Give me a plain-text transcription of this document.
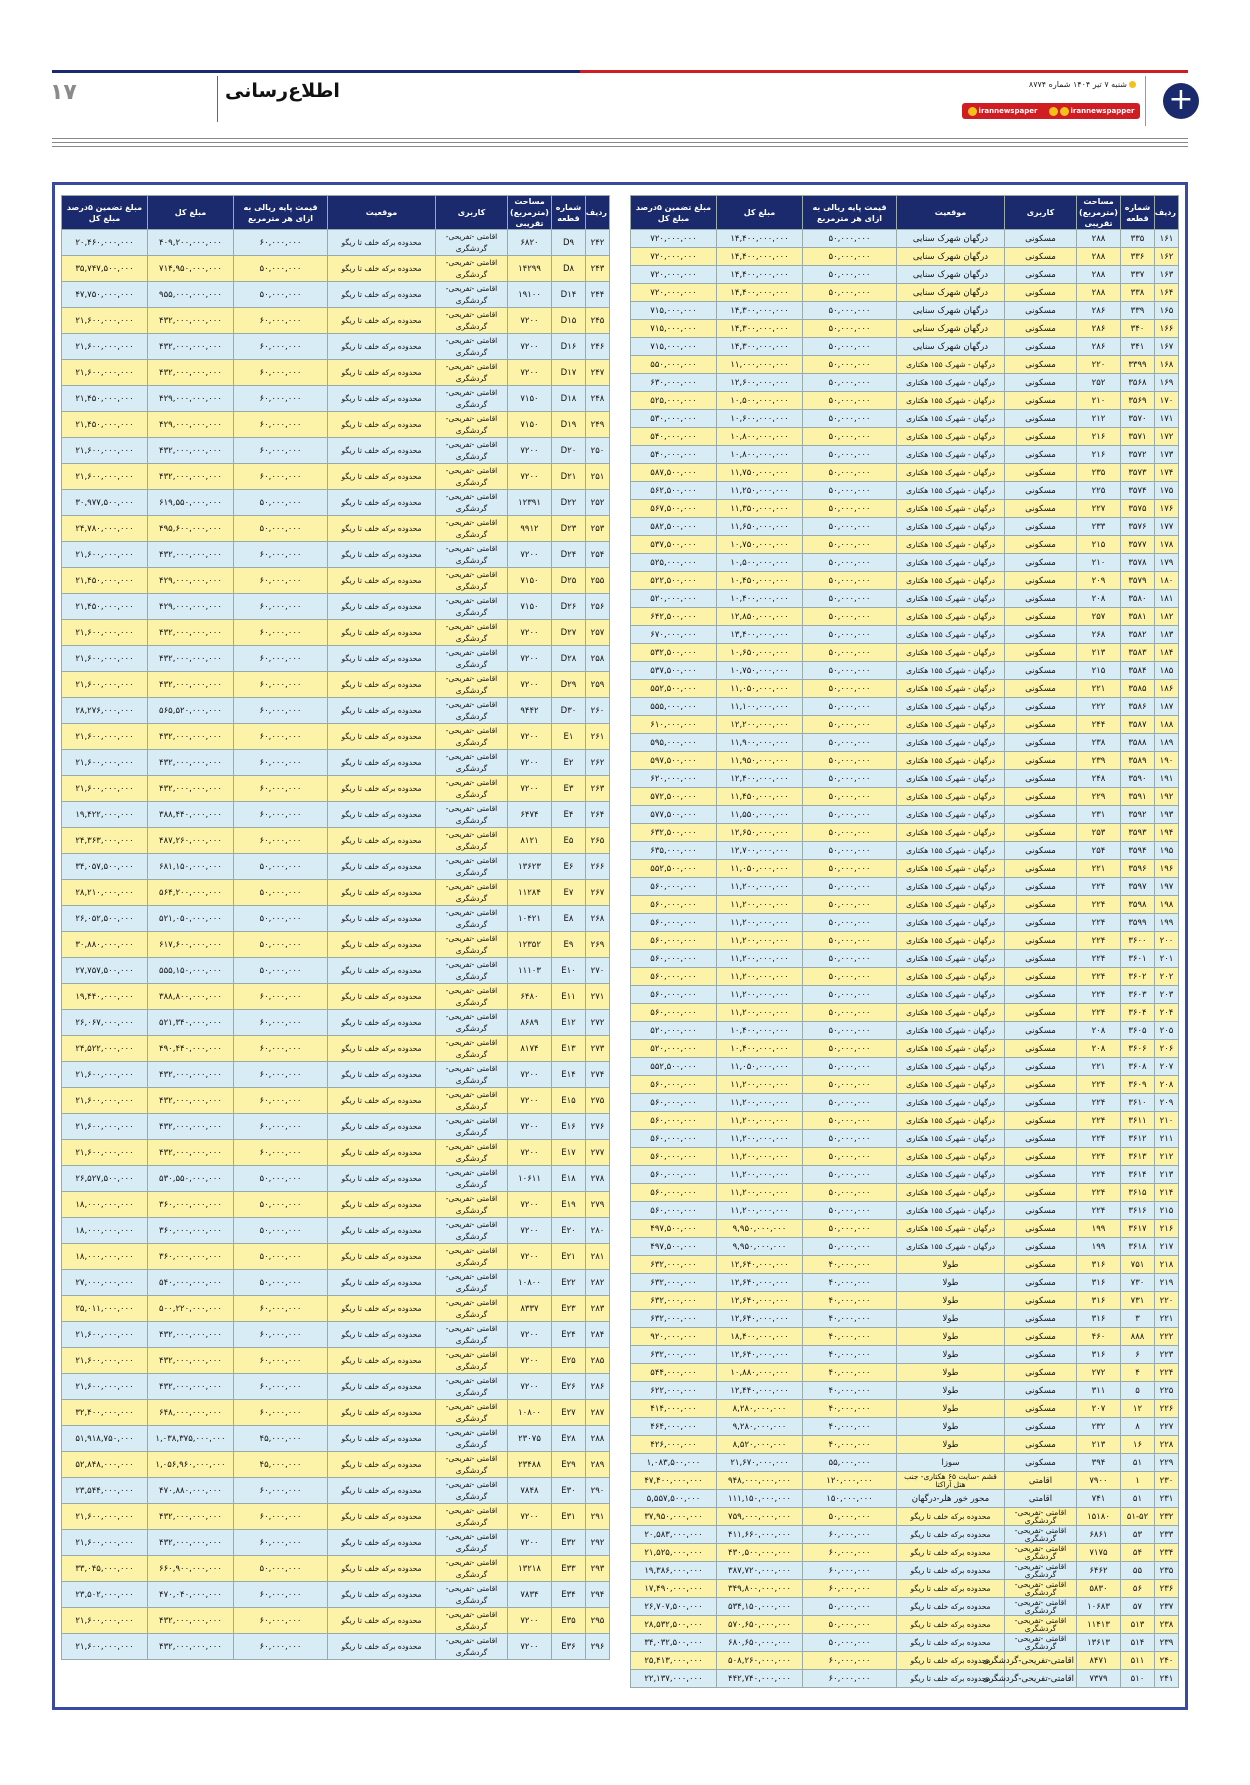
۱۷	اطلاع‌رسانی	شنبه ۷ تیر ۱۴۰۴ شماره ۸۷۷۴
irannewspaper	irannewspapper +
ردیف	شماره قطعه	مساحت (مترمربع) تقریبی	کاربری	موقعیت	قیمت پایه ریالی به ازای هر مترمربع	مبلغ کل	مبلغ تضمین ۵درصد مبلغ کل
۱۶۱	۳۳۵	۲۸۸	مسکونی	درگهان شهرک سنایی	۵۰,۰۰۰,۰۰۰	۱۴,۴۰۰,۰۰۰,۰۰۰	۷۲۰,۰۰۰,۰۰۰
۱۶۲	۳۳۶	۲۸۸	مسکونی	درگهان شهرک سنایی	۵۰,۰۰۰,۰۰۰	۱۴,۴۰۰,۰۰۰,۰۰۰	۷۲۰,۰۰۰,۰۰۰
۱۶۳	۳۳۷	۲۸۸	مسکونی	درگهان شهرک سنایی	۵۰,۰۰۰,۰۰۰	۱۴,۴۰۰,۰۰۰,۰۰۰	۷۲۰,۰۰۰,۰۰۰
۱۶۴	۳۳۸	۲۸۸	مسکونی	درگهان شهرک سنایی	۵۰,۰۰۰,۰۰۰	۱۴,۴۰۰,۰۰۰,۰۰۰	۷۲۰,۰۰۰,۰۰۰
۱۶۵	۳۳۹	۲۸۶	مسکونی	درگهان شهرک سنایی	۵۰,۰۰۰,۰۰۰	۱۴,۳۰۰,۰۰۰,۰۰۰	۷۱۵,۰۰۰,۰۰۰
۱۶۶	۳۴۰	۲۸۶	مسکونی	درگهان شهرک سنایی	۵۰,۰۰۰,۰۰۰	۱۴,۳۰۰,۰۰۰,۰۰۰	۷۱۵,۰۰۰,۰۰۰
۱۶۷	۳۴۱	۲۸۶	مسکونی	درگهان شهرک سنایی	۵۰,۰۰۰,۰۰۰	۱۴,۳۰۰,۰۰۰,۰۰۰	۷۱۵,۰۰۰,۰۰۰
۱۶۸	۳۳۹۹	۲۲۰	مسکونی	درگهان - شهرک ۱۵۵ هکتاری	۵۰,۰۰۰,۰۰۰	۱۱,۰۰۰,۰۰۰,۰۰۰	۵۵۰,۰۰۰,۰۰۰
۱۶۹	۳۵۶۸	۲۵۲	مسکونی	درگهان - شهرک ۱۵۵ هکتاری	۵۰,۰۰۰,۰۰۰	۱۲,۶۰۰,۰۰۰,۰۰۰	۶۳۰,۰۰۰,۰۰۰
۱۷۰	۳۵۶۹	۲۱۰	مسکونی	درگهان - شهرک ۱۵۵ هکتاری	۵۰,۰۰۰,۰۰۰	۱۰,۵۰۰,۰۰۰,۰۰۰	۵۲۵,۰۰۰,۰۰۰
۱۷۱	۳۵۷۰	۲۱۲	مسکونی	درگهان - شهرک ۱۵۵ هکتاری	۵۰,۰۰۰,۰۰۰	۱۰,۶۰۰,۰۰۰,۰۰۰	۵۳۰,۰۰۰,۰۰۰
۱۷۲	۳۵۷۱	۲۱۶	مسکونی	درگهان - شهرک ۱۵۵ هکتاری	۵۰,۰۰۰,۰۰۰	۱۰,۸۰۰,۰۰۰,۰۰۰	۵۴۰,۰۰۰,۰۰۰
۱۷۳	۳۵۷۲	۲۱۶	مسکونی	درگهان - شهرک ۱۵۵ هکتاری	۵۰,۰۰۰,۰۰۰	۱۰,۸۰۰,۰۰۰,۰۰۰	۵۴۰,۰۰۰,۰۰۰
۱۷۴	۳۵۷۳	۲۳۵	مسکونی	درگهان - شهرک ۱۵۵ هکتاری	۵۰,۰۰۰,۰۰۰	۱۱,۷۵۰,۰۰۰,۰۰۰	۵۸۷,۵۰۰,۰۰۰
۱۷۵	۳۵۷۴	۲۲۵	مسکونی	درگهان - شهرک ۱۵۵ هکتاری	۵۰,۰۰۰,۰۰۰	۱۱,۲۵۰,۰۰۰,۰۰۰	۵۶۲,۵۰۰,۰۰۰
۱۷۶	۳۵۷۵	۲۲۷	مسکونی	درگهان - شهرک ۱۵۵ هکتاری	۵۰,۰۰۰,۰۰۰	۱۱,۳۵۰,۰۰۰,۰۰۰	۵۶۷,۵۰۰,۰۰۰
۱۷۷	۳۵۷۶	۲۳۳	مسکونی	درگهان - شهرک ۱۵۵ هکتاری	۵۰,۰۰۰,۰۰۰	۱۱,۶۵۰,۰۰۰,۰۰۰	۵۸۲,۵۰۰,۰۰۰
۱۷۸	۳۵۷۷	۲۱۵	مسکونی	درگهان - شهرک ۱۵۵ هکتاری	۵۰,۰۰۰,۰۰۰	۱۰,۷۵۰,۰۰۰,۰۰۰	۵۳۷,۵۰۰,۰۰۰
۱۷۹	۳۵۷۸	۲۱۰	مسکونی	درگهان - شهرک ۱۵۵ هکتاری	۵۰,۰۰۰,۰۰۰	۱۰,۵۰۰,۰۰۰,۰۰۰	۵۲۵,۰۰۰,۰۰۰
۱۸۰	۳۵۷۹	۲۰۹	مسکونی	درگهان - شهرک ۱۵۵ هکتاری	۵۰,۰۰۰,۰۰۰	۱۰,۴۵۰,۰۰۰,۰۰۰	۵۲۲,۵۰۰,۰۰۰
۱۸۱	۳۵۸۰	۲۰۸	مسکونی	درگهان - شهرک ۱۵۵ هکتاری	۵۰,۰۰۰,۰۰۰	۱۰,۴۰۰,۰۰۰,۰۰۰	۵۲۰,۰۰۰,۰۰۰
۱۸۲	۳۵۸۱	۲۵۷	مسکونی	درگهان - شهرک ۱۵۵ هکتاری	۵۰,۰۰۰,۰۰۰	۱۲,۸۵۰,۰۰۰,۰۰۰	۶۴۲,۵۰۰,۰۰۰
۱۸۳	۳۵۸۲	۲۶۸	مسکونی	درگهان - شهرک ۱۵۵ هکتاری	۵۰,۰۰۰,۰۰۰	۱۳,۴۰۰,۰۰۰,۰۰۰	۶۷۰,۰۰۰,۰۰۰
۱۸۴	۳۵۸۳	۲۱۳	مسکونی	درگهان - شهرک ۱۵۵ هکتاری	۵۰,۰۰۰,۰۰۰	۱۰,۶۵۰,۰۰۰,۰۰۰	۵۳۲,۵۰۰,۰۰۰
۱۸۵	۳۵۸۴	۲۱۵	مسکونی	درگهان - شهرک ۱۵۵ هکتاری	۵۰,۰۰۰,۰۰۰	۱۰,۷۵۰,۰۰۰,۰۰۰	۵۳۷,۵۰۰,۰۰۰
۱۸۶	۳۵۸۵	۲۲۱	مسکونی	درگهان - شهرک ۱۵۵ هکتاری	۵۰,۰۰۰,۰۰۰	۱۱,۰۵۰,۰۰۰,۰۰۰	۵۵۲,۵۰۰,۰۰۰
۱۸۷	۳۵۸۶	۲۲۲	مسکونی	درگهان - شهرک ۱۵۵ هکتاری	۵۰,۰۰۰,۰۰۰	۱۱,۱۰۰,۰۰۰,۰۰۰	۵۵۵,۰۰۰,۰۰۰
۱۸۸	۳۵۸۷	۲۴۴	مسکونی	درگهان - شهرک ۱۵۵ هکتاری	۵۰,۰۰۰,۰۰۰	۱۲,۲۰۰,۰۰۰,۰۰۰	۶۱۰,۰۰۰,۰۰۰
۱۸۹	۳۵۸۸	۲۳۸	مسکونی	درگهان - شهرک ۱۵۵ هکتاری	۵۰,۰۰۰,۰۰۰	۱۱,۹۰۰,۰۰۰,۰۰۰	۵۹۵,۰۰۰,۰۰۰
۱۹۰	۳۵۸۹	۲۳۹	مسکونی	درگهان - شهرک ۱۵۵ هکتاری	۵۰,۰۰۰,۰۰۰	۱۱,۹۵۰,۰۰۰,۰۰۰	۵۹۷,۵۰۰,۰۰۰
۱۹۱	۳۵۹۰	۲۴۸	مسکونی	درگهان - شهرک ۱۵۵ هکتاری	۵۰,۰۰۰,۰۰۰	۱۲,۴۰۰,۰۰۰,۰۰۰	۶۲۰,۰۰۰,۰۰۰
۱۹۲	۳۵۹۱	۲۲۹	مسکونی	درگهان - شهرک ۱۵۵ هکتاری	۵۰,۰۰۰,۰۰۰	۱۱,۴۵۰,۰۰۰,۰۰۰	۵۷۲,۵۰۰,۰۰۰
۱۹۳	۳۵۹۲	۲۳۱	مسکونی	درگهان - شهرک ۱۵۵ هکتاری	۵۰,۰۰۰,۰۰۰	۱۱,۵۵۰,۰۰۰,۰۰۰	۵۷۷,۵۰۰,۰۰۰
۱۹۴	۳۵۹۳	۲۵۳	مسکونی	درگهان - شهرک ۱۵۵ هکتاری	۵۰,۰۰۰,۰۰۰	۱۲,۶۵۰,۰۰۰,۰۰۰	۶۳۲,۵۰۰,۰۰۰
۱۹۵	۳۵۹۴	۲۵۴	مسکونی	درگهان - شهرک ۱۵۵ هکتاری	۵۰,۰۰۰,۰۰۰	۱۲,۷۰۰,۰۰۰,۰۰۰	۶۳۵,۰۰۰,۰۰۰
۱۹۶	۳۵۹۶	۲۲۱	مسکونی	درگهان - شهرک ۱۵۵ هکتاری	۵۰,۰۰۰,۰۰۰	۱۱,۰۵۰,۰۰۰,۰۰۰	۵۵۲,۵۰۰,۰۰۰
۱۹۷	۳۵۹۷	۲۲۴	مسکونی	درگهان - شهرک ۱۵۵ هکتاری	۵۰,۰۰۰,۰۰۰	۱۱,۲۰۰,۰۰۰,۰۰۰	۵۶۰,۰۰۰,۰۰۰
۱۹۸	۳۵۹۸	۲۲۴	مسکونی	درگهان - شهرک ۱۵۵ هکتاری	۵۰,۰۰۰,۰۰۰	۱۱,۲۰۰,۰۰۰,۰۰۰	۵۶۰,۰۰۰,۰۰۰
۱۹۹	۳۵۹۹	۲۲۴	مسکونی	درگهان - شهرک ۱۵۵ هکتاری	۵۰,۰۰۰,۰۰۰	۱۱,۲۰۰,۰۰۰,۰۰۰	۵۶۰,۰۰۰,۰۰۰
۲۰۰	۳۶۰۰	۲۲۴	مسکونی	درگهان - شهرک ۱۵۵ هکتاری	۵۰,۰۰۰,۰۰۰	۱۱,۲۰۰,۰۰۰,۰۰۰	۵۶۰,۰۰۰,۰۰۰
۲۰۱	۳۶۰۱	۲۲۴	مسکونی	درگهان - شهرک ۱۵۵ هکتاری	۵۰,۰۰۰,۰۰۰	۱۱,۲۰۰,۰۰۰,۰۰۰	۵۶۰,۰۰۰,۰۰۰
۲۰۲	۳۶۰۲	۲۲۴	مسکونی	درگهان - شهرک ۱۵۵ هکتاری	۵۰,۰۰۰,۰۰۰	۱۱,۲۰۰,۰۰۰,۰۰۰	۵۶۰,۰۰۰,۰۰۰
۲۰۳	۳۶۰۳	۲۲۴	مسکونی	درگهان - شهرک ۱۵۵ هکتاری	۵۰,۰۰۰,۰۰۰	۱۱,۲۰۰,۰۰۰,۰۰۰	۵۶۰,۰۰۰,۰۰۰
۲۰۴	۳۶۰۴	۲۲۴	مسکونی	درگهان - شهرک ۱۵۵ هکتاری	۵۰,۰۰۰,۰۰۰	۱۱,۲۰۰,۰۰۰,۰۰۰	۵۶۰,۰۰۰,۰۰۰
۲۰۵	۳۶۰۵	۲۰۸	مسکونی	درگهان - شهرک ۱۵۵ هکتاری	۵۰,۰۰۰,۰۰۰	۱۰,۴۰۰,۰۰۰,۰۰۰	۵۲۰,۰۰۰,۰۰۰
۲۰۶	۳۶۰۶	۲۰۸	مسکونی	درگهان - شهرک ۱۵۵ هکتاری	۵۰,۰۰۰,۰۰۰	۱۰,۴۰۰,۰۰۰,۰۰۰	۵۲۰,۰۰۰,۰۰۰
۲۰۷	۳۶۰۸	۲۲۱	مسکونی	درگهان - شهرک ۱۵۵ هکتاری	۵۰,۰۰۰,۰۰۰	۱۱,۰۵۰,۰۰۰,۰۰۰	۵۵۲,۵۰۰,۰۰۰
۲۰۸	۳۶۰۹	۲۲۴	مسکونی	درگهان - شهرک ۱۵۵ هکتاری	۵۰,۰۰۰,۰۰۰	۱۱,۲۰۰,۰۰۰,۰۰۰	۵۶۰,۰۰۰,۰۰۰
۲۰۹	۳۶۱۰	۲۲۴	مسکونی	درگهان - شهرک ۱۵۵ هکتاری	۵۰,۰۰۰,۰۰۰	۱۱,۲۰۰,۰۰۰,۰۰۰	۵۶۰,۰۰۰,۰۰۰
۲۱۰	۳۶۱۱	۲۲۴	مسکونی	درگهان - شهرک ۱۵۵ هکتاری	۵۰,۰۰۰,۰۰۰	۱۱,۲۰۰,۰۰۰,۰۰۰	۵۶۰,۰۰۰,۰۰۰
۲۱۱	۳۶۱۲	۲۲۴	مسکونی	درگهان - شهرک ۱۵۵ هکتاری	۵۰,۰۰۰,۰۰۰	۱۱,۲۰۰,۰۰۰,۰۰۰	۵۶۰,۰۰۰,۰۰۰
۲۱۲	۳۶۱۳	۲۲۴	مسکونی	درگهان - شهرک ۱۵۵ هکتاری	۵۰,۰۰۰,۰۰۰	۱۱,۲۰۰,۰۰۰,۰۰۰	۵۶۰,۰۰۰,۰۰۰
۲۱۳	۳۶۱۴	۲۲۴	مسکونی	درگهان - شهرک ۱۵۵ هکتاری	۵۰,۰۰۰,۰۰۰	۱۱,۲۰۰,۰۰۰,۰۰۰	۵۶۰,۰۰۰,۰۰۰
۲۱۴	۳۶۱۵	۲۲۴	مسکونی	درگهان - شهرک ۱۵۵ هکتاری	۵۰,۰۰۰,۰۰۰	۱۱,۲۰۰,۰۰۰,۰۰۰	۵۶۰,۰۰۰,۰۰۰
۲۱۵	۳۶۱۶	۲۲۴	مسکونی	درگهان - شهرک ۱۵۵ هکتاری	۵۰,۰۰۰,۰۰۰	۱۱,۲۰۰,۰۰۰,۰۰۰	۵۶۰,۰۰۰,۰۰۰
۲۱۶	۳۶۱۷	۱۹۹	مسکونی	درگهان - شهرک ۱۵۵ هکتاری	۵۰,۰۰۰,۰۰۰	۹,۹۵۰,۰۰۰,۰۰۰	۴۹۷,۵۰۰,۰۰۰
۲۱۷	۳۶۱۸	۱۹۹	مسکونی	درگهان - شهرک ۱۵۵ هکتاری	۵۰,۰۰۰,۰۰۰	۹,۹۵۰,۰۰۰,۰۰۰	۴۹۷,۵۰۰,۰۰۰
۲۱۸	۷۵۱	۳۱۶	مسکونی	طولا	۴۰,۰۰۰,۰۰۰	۱۲,۶۴۰,۰۰۰,۰۰۰	۶۳۲,۰۰۰,۰۰۰
۲۱۹	۷۳۰	۳۱۶	مسکونی	طولا	۴۰,۰۰۰,۰۰۰	۱۲,۶۴۰,۰۰۰,۰۰۰	۶۳۲,۰۰۰,۰۰۰
۲۲۰	۷۳۱	۳۱۶	مسکونی	طولا	۴۰,۰۰۰,۰۰۰	۱۲,۶۴۰,۰۰۰,۰۰۰	۶۳۲,۰۰۰,۰۰۰
۲۲۱	۳	۳۱۶	مسکونی	طولا	۴۰,۰۰۰,۰۰۰	۱۲,۶۴۰,۰۰۰,۰۰۰	۶۳۲,۰۰۰,۰۰۰
۲۲۲	۸۸۸	۴۶۰	مسکونی	طولا	۴۰,۰۰۰,۰۰۰	۱۸,۴۰۰,۰۰۰,۰۰۰	۹۲۰,۰۰۰,۰۰۰
۲۲۳	۶	۳۱۶	مسکونی	طولا	۴۰,۰۰۰,۰۰۰	۱۲,۶۴۰,۰۰۰,۰۰۰	۶۳۲,۰۰۰,۰۰۰
۲۲۴	۴	۲۷۲	مسکونی	طولا	۴۰,۰۰۰,۰۰۰	۱۰,۸۸۰,۰۰۰,۰۰۰	۵۴۴,۰۰۰,۰۰۰
۲۲۵	۵	۳۱۱	مسکونی	طولا	۴۰,۰۰۰,۰۰۰	۱۲,۴۴۰,۰۰۰,۰۰۰	۶۲۲,۰۰۰,۰۰۰
۲۲۶	۱۲	۲۰۷	مسکونی	طولا	۴۰,۰۰۰,۰۰۰	۸,۲۸۰,۰۰۰,۰۰۰	۴۱۴,۰۰۰,۰۰۰
۲۲۷	۸	۲۳۲	مسکونی	طولا	۴۰,۰۰۰,۰۰۰	۹,۲۸۰,۰۰۰,۰۰۰	۴۶۴,۰۰۰,۰۰۰
۲۲۸	۱۶	۲۱۳	مسکونی	طولا	۴۰,۰۰۰,۰۰۰	۸,۵۲۰,۰۰۰,۰۰۰	۴۲۶,۰۰۰,۰۰۰
۲۲۹	۵۱	۳۹۴	مسکونی	سوزا	۵۵,۰۰۰,۰۰۰	۲۱,۶۷۰,۰۰۰,۰۰۰	۱,۰۸۳,۵۰۰,۰۰۰
۲۳۰	۱	۷۹۰۰	اقامتی	قشم -سایت ۶۵ هکتاری- جنب هتل آراکتا	۱۲۰,۰۰۰,۰۰۰	۹۴۸,۰۰۰,۰۰۰,۰۰۰	۴۷,۴۰۰,۰۰۰,۰۰۰
۲۳۱	۵۱	۷۴۱	اقامتی	محور خور هلر-درگهان	۱۵۰,۰۰۰,۰۰۰	۱۱۱,۱۵۰,۰۰۰,۰۰۰	۵,۵۵۷,۵۰۰,۰۰۰
۲۳۲	۵۱-۵۲	۱۵۱۸۰	اقامتی -تفریحی- گردشگری	محدوده برکه خلف تا ریگو	۵۰,۰۰۰,۰۰۰	۷۵۹,۰۰۰,۰۰۰,۰۰۰	۳۷,۹۵۰,۰۰۰,۰۰۰
۲۳۳	۵۳	۶۸۶۱	اقامتی -تفریحی- گردشگری	محدوده برکه خلف تا ریگو	۶۰,۰۰۰,۰۰۰	۴۱۱,۶۶۰,۰۰۰,۰۰۰	۲۰,۵۸۳,۰۰۰,۰۰۰
۲۳۴	۵۴	۷۱۷۵	اقامتی -تفریحی- گردشگری	محدوده برکه خلف تا ریگو	۶۰,۰۰۰,۰۰۰	۴۳۰,۵۰۰,۰۰۰,۰۰۰	۲۱,۵۲۵,۰۰۰,۰۰۰
۲۳۵	۵۵	۶۴۶۲	اقامتی -تفریحی- گردشگری	محدوده برکه خلف تا ریگو	۶۰,۰۰۰,۰۰۰	۳۸۷,۷۲۰,۰۰۰,۰۰۰	۱۹,۳۸۶,۰۰۰,۰۰۰
۲۳۶	۵۶	۵۸۳۰	اقامتی -تفریحی- گردشگری	محدوده برکه خلف تا ریگو	۶۰,۰۰۰,۰۰۰	۳۴۹,۸۰۰,۰۰۰,۰۰۰	۱۷,۴۹۰,۰۰۰,۰۰۰
۲۳۷	۵۷	۱۰۶۸۳	اقامتی -تفریحی- گردشگری	محدوده برکه خلف تا ریگو	۵۰,۰۰۰,۰۰۰	۵۳۴,۱۵۰,۰۰۰,۰۰۰	۲۶,۷۰۷,۵۰۰,۰۰۰
۲۳۸	۵۱۳	۱۱۴۱۳	اقامتی -تفریحی- گردشگری	محدوده برکه خلف تا ریگو	۵۰,۰۰۰,۰۰۰	۵۷۰,۶۵۰,۰۰۰,۰۰۰	۲۸,۵۳۲,۵۰۰,۰۰۰
۲۳۹	۵۱۴	۱۳۶۱۳	اقامتی -تفریحی- گردشگری	محدوده برکه خلف تا ریگو	۵۰,۰۰۰,۰۰۰	۶۸۰,۶۵۰,۰۰۰,۰۰۰	۳۴,۰۳۲,۵۰۰,۰۰۰
۲۴۰	۵۱۱	۸۴۷۱	اقامتی-تفریحی-گردشگری	محدوده برکه خلف تا ریگو	۶۰,۰۰۰,۰۰۰	۵۰۸,۲۶۰,۰۰۰,۰۰۰	۲۵,۴۱۳,۰۰۰,۰۰۰
۲۴۱	۵۱۰	۷۳۷۹	اقامتی-تفریحی-گردشگری	محدوده برکه خلف تا ریگو	۶۰,۰۰۰,۰۰۰	۴۴۲,۷۴۰,۰۰۰,۰۰۰	۲۲,۱۳۷,۰۰۰,۰۰۰
ردیف	شماره قطعه	مساحت (مترمربع) تقریبی	کاربری	موقعیت	قیمت پایه ریالی به ازای هر مترمربع	مبلغ کل	مبلغ تضمین ۵درصد مبلغ کل
۲۴۲	D۹	۶۸۲۰	اقامتی -تفریحی- گردشگری	محدوده برکه خلف تا ریگو	۶۰,۰۰۰,۰۰۰	۴۰۹,۲۰۰,۰۰۰,۰۰۰	۲۰,۴۶۰,۰۰۰,۰۰۰
۲۴۳	D۸	۱۴۲۹۹	اقامتی -تفریحی- گردشگری	محدوده برکه خلف تا ریگو	۵۰,۰۰۰,۰۰۰	۷۱۴,۹۵۰,۰۰۰,۰۰۰	۳۵,۷۴۷,۵۰۰,۰۰۰
۲۴۴	D۱۴	۱۹۱۰۰	اقامتی -تفریحی- گردشگری	محدوده برکه خلف تا ریگو	۵۰,۰۰۰,۰۰۰	۹۵۵,۰۰۰,۰۰۰,۰۰۰	۴۷,۷۵۰,۰۰۰,۰۰۰
۲۴۵	D۱۵	۷۲۰۰	اقامتی -تفریحی- گردشگری	محدوده برکه خلف تا ریگو	۶۰,۰۰۰,۰۰۰	۴۳۲,۰۰۰,۰۰۰,۰۰۰	۲۱,۶۰۰,۰۰۰,۰۰۰
۲۴۶	D۱۶	۷۲۰۰	اقامتی -تفریحی- گردشگری	محدوده برکه خلف تا ریگو	۶۰,۰۰۰,۰۰۰	۴۳۲,۰۰۰,۰۰۰,۰۰۰	۲۱,۶۰۰,۰۰۰,۰۰۰
۲۴۷	D۱۷	۷۲۰۰	اقامتی -تفریحی- گردشگری	محدوده برکه خلف تا ریگو	۶۰,۰۰۰,۰۰۰	۴۳۲,۰۰۰,۰۰۰,۰۰۰	۲۱,۶۰۰,۰۰۰,۰۰۰
۲۴۸	D۱۸	۷۱۵۰	اقامتی -تفریحی- گردشگری	محدوده برکه خلف تا ریگو	۶۰,۰۰۰,۰۰۰	۴۲۹,۰۰۰,۰۰۰,۰۰۰	۲۱,۴۵۰,۰۰۰,۰۰۰
۲۴۹	D۱۹	۷۱۵۰	اقامتی -تفریحی- گردشگری	محدوده برکه خلف تا ریگو	۶۰,۰۰۰,۰۰۰	۴۲۹,۰۰۰,۰۰۰,۰۰۰	۲۱,۴۵۰,۰۰۰,۰۰۰
۲۵۰	D۲۰	۷۲۰۰	اقامتی -تفریحی- گردشگری	محدوده برکه خلف تا ریگو	۶۰,۰۰۰,۰۰۰	۴۳۲,۰۰۰,۰۰۰,۰۰۰	۲۱,۶۰۰,۰۰۰,۰۰۰
۲۵۱	D۲۱	۷۲۰۰	اقامتی -تفریحی- گردشگری	محدوده برکه خلف تا ریگو	۶۰,۰۰۰,۰۰۰	۴۳۲,۰۰۰,۰۰۰,۰۰۰	۲۱,۶۰۰,۰۰۰,۰۰۰
۲۵۲	D۲۲	۱۲۳۹۱	اقامتی -تفریحی- گردشگری	محدوده برکه خلف تا ریگو	۵۰,۰۰۰,۰۰۰	۶۱۹,۵۵۰,۰۰۰,۰۰۰	۳۰,۹۷۷,۵۰۰,۰۰۰
۲۵۳	D۲۳	۹۹۱۲	اقامتی -تفریحی- گردشگری	محدوده برکه خلف تا ریگو	۵۰,۰۰۰,۰۰۰	۴۹۵,۶۰۰,۰۰۰,۰۰۰	۲۴,۷۸۰,۰۰۰,۰۰۰
۲۵۴	D۲۴	۷۲۰۰	اقامتی -تفریحی- گردشگری	محدوده برکه خلف تا ریگو	۶۰,۰۰۰,۰۰۰	۴۳۲,۰۰۰,۰۰۰,۰۰۰	۲۱,۶۰۰,۰۰۰,۰۰۰
۲۵۵	D۲۵	۷۱۵۰	اقامتی -تفریحی- گردشگری	محدوده برکه خلف تا ریگو	۶۰,۰۰۰,۰۰۰	۴۲۹,۰۰۰,۰۰۰,۰۰۰	۲۱,۴۵۰,۰۰۰,۰۰۰
۲۵۶	D۲۶	۷۱۵۰	اقامتی -تفریحی- گردشگری	محدوده برکه خلف تا ریگو	۶۰,۰۰۰,۰۰۰	۴۲۹,۰۰۰,۰۰۰,۰۰۰	۲۱,۴۵۰,۰۰۰,۰۰۰
۲۵۷	D۲۷	۷۲۰۰	اقامتی -تفریحی- گردشگری	محدوده برکه خلف تا ریگو	۶۰,۰۰۰,۰۰۰	۴۳۲,۰۰۰,۰۰۰,۰۰۰	۲۱,۶۰۰,۰۰۰,۰۰۰
۲۵۸	D۲۸	۷۲۰۰	اقامتی -تفریحی- گردشگری	محدوده برکه خلف تا ریگو	۶۰,۰۰۰,۰۰۰	۴۳۲,۰۰۰,۰۰۰,۰۰۰	۲۱,۶۰۰,۰۰۰,۰۰۰
۲۵۹	D۲۹	۷۲۰۰	اقامتی -تفریحی- گردشگری	محدوده برکه خلف تا ریگو	۶۰,۰۰۰,۰۰۰	۴۳۲,۰۰۰,۰۰۰,۰۰۰	۲۱,۶۰۰,۰۰۰,۰۰۰
۲۶۰	D۳۰	۹۴۴۲	اقامتی -تفریحی- گردشگری	محدوده برکه خلف تا ریگو	۶۰,۰۰۰,۰۰۰	۵۶۵,۵۲۰,۰۰۰,۰۰۰	۲۸,۲۷۶,۰۰۰,۰۰۰
۲۶۱	E۱	۷۲۰۰	اقامتی -تفریحی- گردشگری	محدوده برکه خلف تا ریگو	۶۰,۰۰۰,۰۰۰	۴۳۲,۰۰۰,۰۰۰,۰۰۰	۲۱,۶۰۰,۰۰۰,۰۰۰
۲۶۲	E۲	۷۲۰۰	اقامتی -تفریحی- گردشگری	محدوده برکه خلف تا ریگو	۶۰,۰۰۰,۰۰۰	۴۳۲,۰۰۰,۰۰۰,۰۰۰	۲۱,۶۰۰,۰۰۰,۰۰۰
۲۶۳	E۳	۷۲۰۰	اقامتی -تفریحی- گردشگری	محدوده برکه خلف تا ریگو	۶۰,۰۰۰,۰۰۰	۴۳۲,۰۰۰,۰۰۰,۰۰۰	۲۱,۶۰۰,۰۰۰,۰۰۰
۲۶۴	E۴	۶۴۷۴	اقامتی -تفریحی- گردشگری	محدوده برکه خلف تا ریگو	۶۰,۰۰۰,۰۰۰	۳۸۸,۴۴۰,۰۰۰,۰۰۰	۱۹,۴۲۲,۰۰۰,۰۰۰
۲۶۵	E۵	۸۱۲۱	اقامتی -تفریحی- گردشگری	محدوده برکه خلف تا ریگو	۶۰,۰۰۰,۰۰۰	۴۸۷,۲۶۰,۰۰۰,۰۰۰	۲۴,۳۶۳,۰۰۰,۰۰۰
۲۶۶	E۶	۱۳۶۲۳	اقامتی -تفریحی- گردشگری	محدوده برکه خلف تا ریگو	۵۰,۰۰۰,۰۰۰	۶۸۱,۱۵۰,۰۰۰,۰۰۰	۳۴,۰۵۷,۵۰۰,۰۰۰
۲۶۷	E۷	۱۱۲۸۴	اقامتی -تفریحی- گردشگری	محدوده برکه خلف تا ریگو	۵۰,۰۰۰,۰۰۰	۵۶۴,۲۰۰,۰۰۰,۰۰۰	۲۸,۲۱۰,۰۰۰,۰۰۰
۲۶۸	E۸	۱۰۴۲۱	اقامتی -تفریحی- گردشگری	محدوده برکه خلف تا ریگو	۵۰,۰۰۰,۰۰۰	۵۲۱,۰۵۰,۰۰۰,۰۰۰	۲۶,۰۵۲,۵۰۰,۰۰۰
۲۶۹	E۹	۱۲۳۵۲	اقامتی -تفریحی- گردشگری	محدوده برکه خلف تا ریگو	۵۰,۰۰۰,۰۰۰	۶۱۷,۶۰۰,۰۰۰,۰۰۰	۳۰,۸۸۰,۰۰۰,۰۰۰
۲۷۰	E۱۰	۱۱۱۰۳	اقامتی -تفریحی- گردشگری	محدوده برکه خلف تا ریگو	۵۰,۰۰۰,۰۰۰	۵۵۵,۱۵۰,۰۰۰,۰۰۰	۲۷,۷۵۷,۵۰۰,۰۰۰
۲۷۱	E۱۱	۶۴۸۰	اقامتی -تفریحی- گردشگری	محدوده برکه خلف تا ریگو	۶۰,۰۰۰,۰۰۰	۳۸۸,۸۰۰,۰۰۰,۰۰۰	۱۹,۴۴۰,۰۰۰,۰۰۰
۲۷۲	E۱۲	۸۶۸۹	اقامتی -تفریحی- گردشگری	محدوده برکه خلف تا ریگو	۶۰,۰۰۰,۰۰۰	۵۲۱,۳۴۰,۰۰۰,۰۰۰	۲۶,۰۶۷,۰۰۰,۰۰۰
۲۷۳	E۱۳	۸۱۷۴	اقامتی -تفریحی- گردشگری	محدوده برکه خلف تا ریگو	۶۰,۰۰۰,۰۰۰	۴۹۰,۴۴۰,۰۰۰,۰۰۰	۲۴,۵۲۲,۰۰۰,۰۰۰
۲۷۴	E۱۴	۷۲۰۰	اقامتی -تفریحی- گردشگری	محدوده برکه خلف تا ریگو	۶۰,۰۰۰,۰۰۰	۴۳۲,۰۰۰,۰۰۰,۰۰۰	۲۱,۶۰۰,۰۰۰,۰۰۰
۲۷۵	E۱۵	۷۲۰۰	اقامتی -تفریحی- گردشگری	محدوده برکه خلف تا ریگو	۶۰,۰۰۰,۰۰۰	۴۳۲,۰۰۰,۰۰۰,۰۰۰	۲۱,۶۰۰,۰۰۰,۰۰۰
۲۷۶	E۱۶	۷۲۰۰	اقامتی -تفریحی- گردشگری	محدوده برکه خلف تا ریگو	۶۰,۰۰۰,۰۰۰	۴۳۲,۰۰۰,۰۰۰,۰۰۰	۲۱,۶۰۰,۰۰۰,۰۰۰
۲۷۷	E۱۷	۷۲۰۰	اقامتی -تفریحی- گردشگری	محدوده برکه خلف تا ریگو	۶۰,۰۰۰,۰۰۰	۴۳۲,۰۰۰,۰۰۰,۰۰۰	۲۱,۶۰۰,۰۰۰,۰۰۰
۲۷۸	E۱۸	۱۰۶۱۱	اقامتی -تفریحی- گردشگری	محدوده برکه خلف تا ریگو	۵۰,۰۰۰,۰۰۰	۵۳۰,۵۵۰,۰۰۰,۰۰۰	۲۶,۵۲۷,۵۰۰,۰۰۰
۲۷۹	E۱۹	۷۲۰۰	اقامتی -تفریحی- گردشگری	محدوده برکه خلف تا ریگو	۵۰,۰۰۰,۰۰۰	۳۶۰,۰۰۰,۰۰۰,۰۰۰	۱۸,۰۰۰,۰۰۰,۰۰۰
۲۸۰	E۲۰	۷۲۰۰	اقامتی -تفریحی- گردشگری	محدوده برکه خلف تا ریگو	۵۰,۰۰۰,۰۰۰	۳۶۰,۰۰۰,۰۰۰,۰۰۰	۱۸,۰۰۰,۰۰۰,۰۰۰
۲۸۱	E۲۱	۷۲۰۰	اقامتی -تفریحی- گردشگری	محدوده برکه خلف تا ریگو	۵۰,۰۰۰,۰۰۰	۳۶۰,۰۰۰,۰۰۰,۰۰۰	۱۸,۰۰۰,۰۰۰,۰۰۰
۲۸۲	E۲۲	۱۰۸۰۰	اقامتی -تفریحی- گردشگری	محدوده برکه خلف تا ریگو	۵۰,۰۰۰,۰۰۰	۵۴۰,۰۰۰,۰۰۰,۰۰۰	۲۷,۰۰۰,۰۰۰,۰۰۰
۲۸۳	E۲۳	۸۳۳۷	اقامتی -تفریحی- گردشگری	محدوده برکه خلف تا ریگو	۶۰,۰۰۰,۰۰۰	۵۰۰,۲۲۰,۰۰۰,۰۰۰	۲۵,۰۱۱,۰۰۰,۰۰۰
۲۸۴	E۲۴	۷۲۰۰	اقامتی -تفریحی- گردشگری	محدوده برکه خلف تا ریگو	۶۰,۰۰۰,۰۰۰	۴۳۲,۰۰۰,۰۰۰,۰۰۰	۲۱,۶۰۰,۰۰۰,۰۰۰
۲۸۵	E۲۵	۷۲۰۰	اقامتی -تفریحی- گردشگری	محدوده برکه خلف تا ریگو	۶۰,۰۰۰,۰۰۰	۴۳۲,۰۰۰,۰۰۰,۰۰۰	۲۱,۶۰۰,۰۰۰,۰۰۰
۲۸۶	E۲۶	۷۲۰۰	اقامتی -تفریحی- گردشگری	محدوده برکه خلف تا ریگو	۶۰,۰۰۰,۰۰۰	۴۳۲,۰۰۰,۰۰۰,۰۰۰	۲۱,۶۰۰,۰۰۰,۰۰۰
۲۸۷	E۲۷	۱۰۸۰۰	اقامتی -تفریحی- گردشگری	محدوده برکه خلف تا ریگو	۶۰,۰۰۰,۰۰۰	۶۴۸,۰۰۰,۰۰۰,۰۰۰	۳۲,۴۰۰,۰۰۰,۰۰۰
۲۸۸	E۲۸	۲۳۰۷۵	اقامتی -تفریحی- گردشگری	محدوده برکه خلف تا ریگو	۴۵,۰۰۰,۰۰۰	۱,۰۳۸,۳۷۵,۰۰۰,۰۰۰	۵۱,۹۱۸,۷۵۰,۰۰۰
۲۸۹	E۲۹	۲۳۴۸۸	اقامتی -تفریحی- گردشگری	محدوده برکه خلف تا ریگو	۴۵,۰۰۰,۰۰۰	۱,۰۵۶,۹۶۰,۰۰۰,۰۰۰	۵۲,۸۴۸,۰۰۰,۰۰۰
۲۹۰	E۳۰	۷۸۴۸	اقامتی -تفریحی- گردشگری	محدوده برکه خلف تا ریگو	۶۰,۰۰۰,۰۰۰	۴۷۰,۸۸۰,۰۰۰,۰۰۰	۲۳,۵۴۴,۰۰۰,۰۰۰
۲۹۱	E۳۱	۷۲۰۰	اقامتی -تفریحی- گردشگری	محدوده برکه خلف تا ریگو	۶۰,۰۰۰,۰۰۰	۴۳۲,۰۰۰,۰۰۰,۰۰۰	۲۱,۶۰۰,۰۰۰,۰۰۰
۲۹۲	E۳۲	۷۲۰۰	اقامتی -تفریحی- گردشگری	محدوده برکه خلف تا ریگو	۶۰,۰۰۰,۰۰۰	۴۳۲,۰۰۰,۰۰۰,۰۰۰	۲۱,۶۰۰,۰۰۰,۰۰۰
۲۹۳	E۳۳	۱۳۲۱۸	اقامتی -تفریحی- گردشگری	محدوده برکه خلف تا ریگو	۵۰,۰۰۰,۰۰۰	۶۶۰,۹۰۰,۰۰۰,۰۰۰	۳۳,۰۴۵,۰۰۰,۰۰۰
۲۹۴	E۳۴	۷۸۳۴	اقامتی -تفریحی- گردشگری	محدوده برکه خلف تا ریگو	۶۰,۰۰۰,۰۰۰	۴۷۰,۰۴۰,۰۰۰,۰۰۰	۲۳,۵۰۲,۰۰۰,۰۰۰
۲۹۵	E۳۵	۷۲۰۰	اقامتی -تفریحی- گردشگری	محدوده برکه خلف تا ریگو	۶۰,۰۰۰,۰۰۰	۴۳۲,۰۰۰,۰۰۰,۰۰۰	۲۱,۶۰۰,۰۰۰,۰۰۰
۲۹۶	E۳۶	۷۲۰۰	اقامتی -تفریحی- گردشگری	محدوده برکه خلف تا ریگو	۶۰,۰۰۰,۰۰۰	۴۳۲,۰۰۰,۰۰۰,۰۰۰	۲۱,۶۰۰,۰۰۰,۰۰۰
